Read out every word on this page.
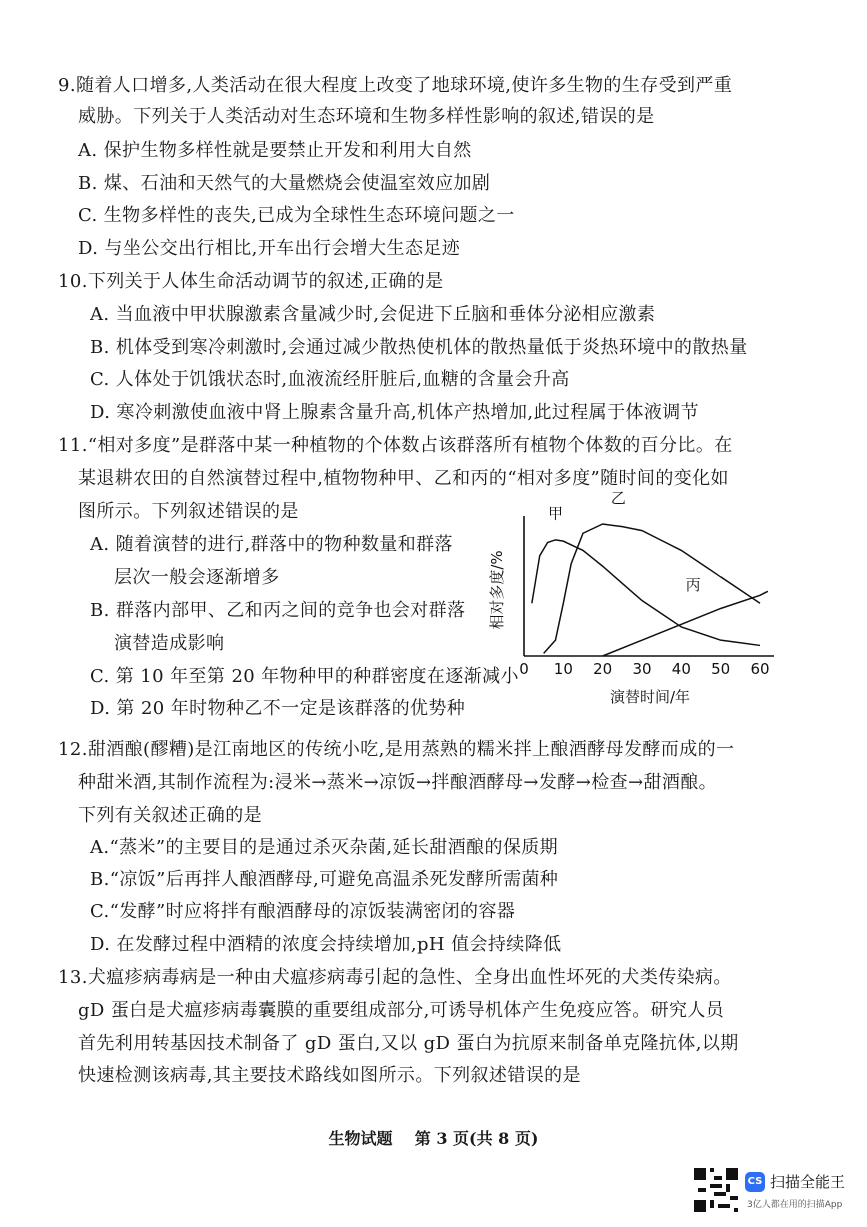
9.随着人口增多,人类活动在很大程度上改变了地球环境,使许多生物的生存受到严重
威胁。下列关于人类活动对生态环境和生物多样性影响的叙述,错误的是
A. 保护生物多样性就是要禁止开发和利用大自然
B. 煤、石油和天然气的大量燃烧会使温室效应加剧
C. 生物多样性的丧失,已成为全球性生态环境问题之一
D. 与坐公交出行相比,开车出行会增大生态足迹
10.下列关于人体生命活动调节的叙述,正确的是
A. 当血液中甲状腺激素含量减少时,会促进下丘脑和垂体分泌相应激素
B. 机体受到寒冷刺激时,会通过减少散热使机体的散热量低于炎热环境中的散热量
C. 人体处于饥饿状态时,血液流经肝脏后,血糖的含量会升高
D. 寒冷刺激使血液中肾上腺素含量升高,机体产热增加,此过程属于体液调节
11.“相对多度”是群落中某一种植物的个体数占该群落所有植物个体数的百分比。在
某退耕农田的自然演替过程中,植物物种甲、乙和丙的“相对多度”随时间的变化如
图所示。下列叙述错误的是
A. 随着演替的进行,群落中的物种数量和群落
层次一般会逐渐增多
B. 群落内部甲、乙和丙之间的竞争也会对群落
演替造成影响
C. 第 10 年至第 20 年物种甲的种群密度在逐渐减小
D. 第 20 年时物种乙不一定是该群落的优势种
0 10 20 30 40 50 60
演替时间/年
相对多度/%
甲
乙
丙
12.甜酒酿(醪糟)是江南地区的传统小吃,是用蒸熟的糯米拌上酿酒酵母发酵而成的一
种甜米酒,其制作流程为:浸米→蒸米→凉饭→拌酿酒酵母→发酵→检查→甜酒酿。
下列有关叙述正确的是
A.“蒸米”的主要目的是通过杀灭杂菌,延长甜酒酿的保质期
B.“凉饭”后再拌人酿酒酵母,可避免高温杀死发酵所需菌种
C.“发酵”时应将拌有酿酒酵母的凉饭装满密闭的容器
D. 在发酵过程中酒精的浓度会持续增加,pH 值会持续降低
13.犬瘟疹病毒病是一种由犬瘟疹病毒引起的急性、全身出血性坏死的犬类传染病。
gD 蛋白是犬瘟疹病毒囊膜的重要组成部分,可诱导机体产生免疫应答。研究人员
首先利用转基因技术制备了 gD 蛋白,又以 gD 蛋白为抗原来制备单克隆抗体,以期
快速检测该病毒,其主要技术路线如图所示。下列叙述错误的是
生物试题 第 3 页(共 8 页)
CS 扫描全能王
3亿人都在用的扫描App
